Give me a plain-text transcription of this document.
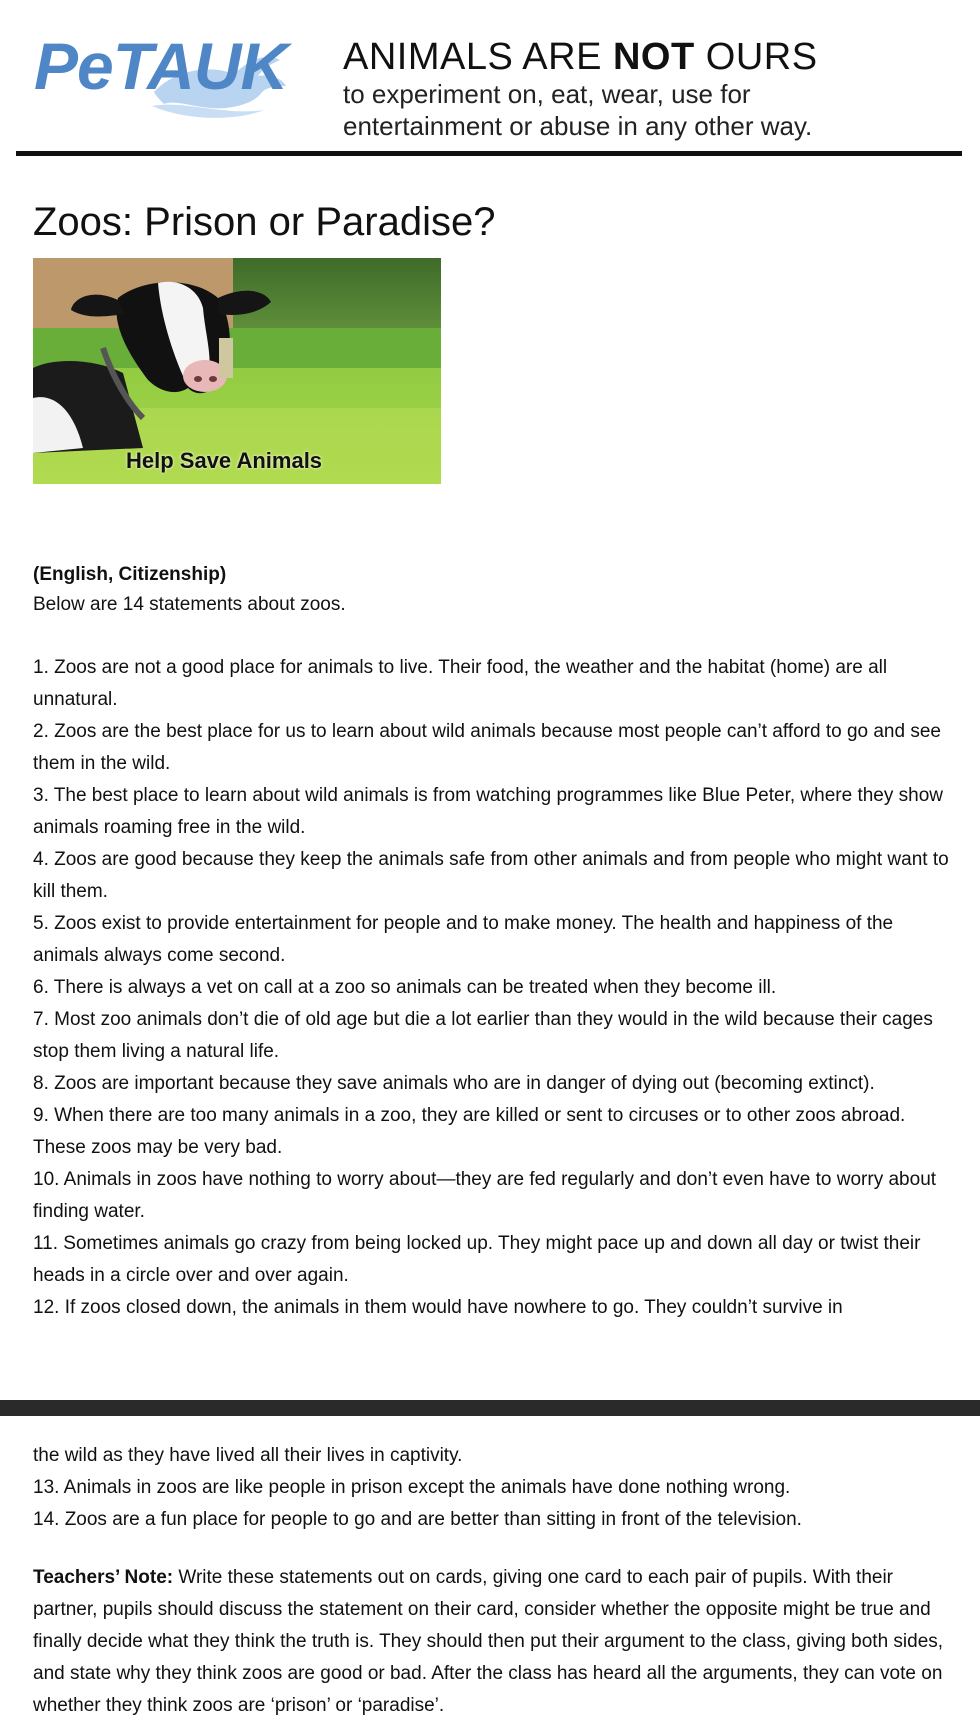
PeTAUK ANIMALS ARE NOT OURS
to experiment on, eat, wear, use for
entertainment or abuse in any other way.
Zoos: Prison or Paradise?
Help Save Animals
(English, Citizenship)
Below are 14 statements about zoos.

1. Zoos are not a good place for animals to live. Their food, the weather and the habitat (home) are all unnatural.

2. Zoos are the best place for us to learn about wild animals because most people can’t afford to go and see them in the wild.

3. The best place to learn about wild animals is from watching programmes like Blue Peter, where they show animals roaming free in the wild.

4. Zoos are good because they keep the animals safe from other animals and from people who might want to kill them.

5. Zoos exist to provide entertainment for people and to make money. The health and happiness of the animals always come second.

6. There is always a vet on call at a zoo so animals can be treated when they become ill.

7. Most zoo animals don’t die of old age but die a lot earlier than they would in the wild because their cages stop them living a natural life.

8. Zoos are important because they save animals who are in danger of dying out (becoming extinct).

9. When there are too many animals in a zoo, they are killed or sent to circuses or to other zoos abroad. These zoos may be very bad.

10. Animals in zoos have nothing to worry about—they are fed regularly and don’t even have to worry about finding water.

11. Sometimes animals go crazy from being locked up. They might pace up and down all day or twist their heads in a circle over and over again.

12. If zoos closed down, the animals in them would have nowhere to go. They couldn’t survive in

the wild as they have lived all their lives in captivity.

13. Animals in zoos are like people in prison except the animals have done nothing wrong.

14. Zoos are a fun place for people to go and are better than sitting in front of the television.

Teachers’ Note: Write these statements out on cards, giving one card to each pair of pupils. With their partner, pupils should discuss the statement on their card, consider whether the opposite might be true and finally decide what they think the truth is. They should then put their argument to the class, giving both sides, and state why they think zoos are good or bad. After the class has heard all the arguments, they can vote on whether they think zoos are ‘prison’ or ‘paradise’.
